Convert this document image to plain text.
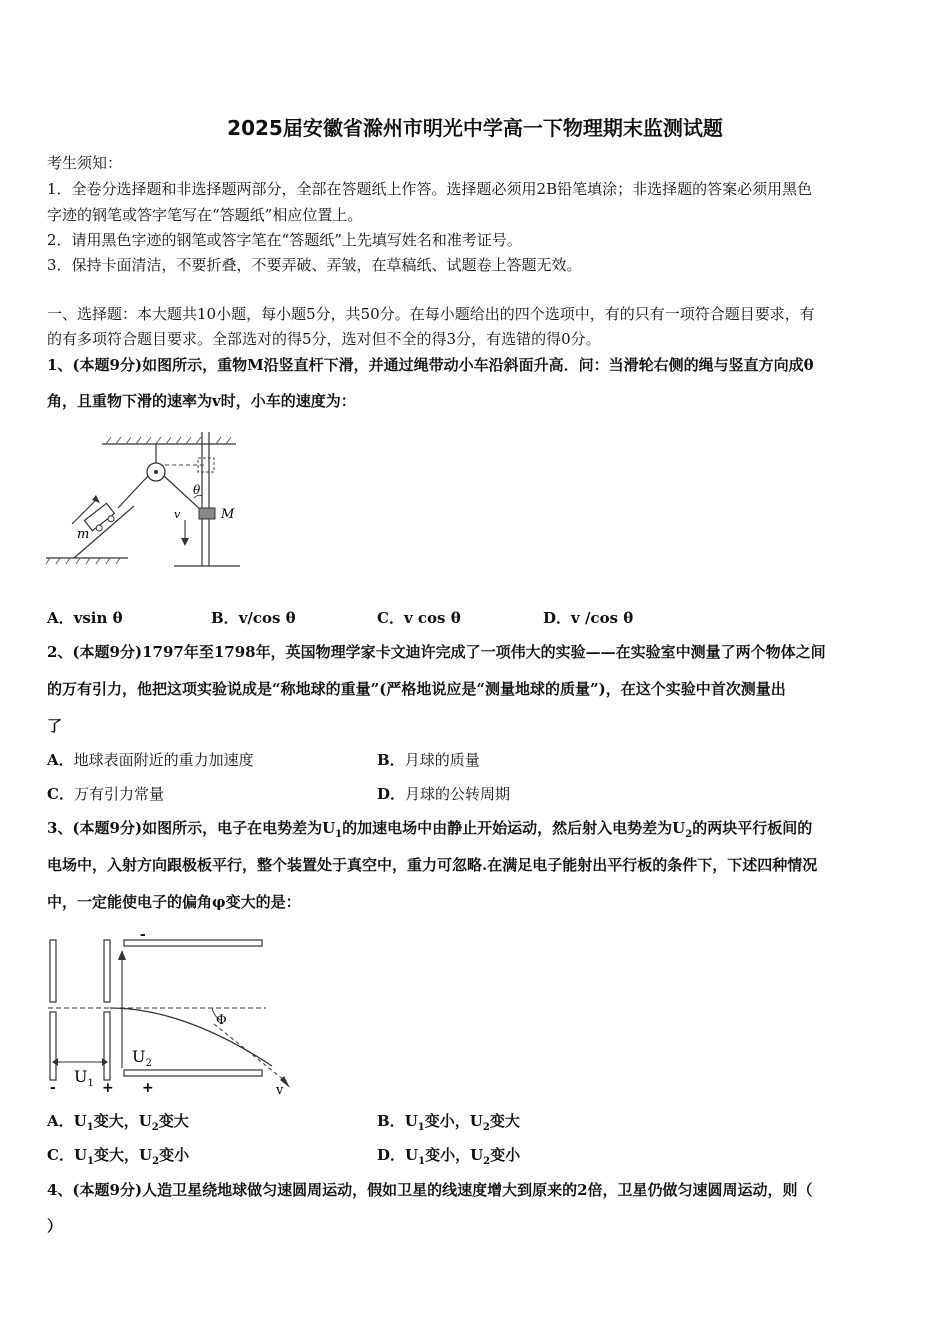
2025届安徽省滁州市明光中学高一下物理期末监测试题
考生须知：
1．全卷分选择题和非选择题两部分，全部在答题纸上作答。选择题必须用2B铅笔填涂；非选择题的答案必须用黑色
字迹的钢笔或答字笔写在“答题纸”相应位置上。
2．请用黑色字迹的钢笔或答字笔在“答题纸”上先填写姓名和准考证号。
3．保持卡面清洁，不要折叠，不要弄破、弄皱，在草稿纸、试题卷上答题无效。
一、选择题：本大题共10小题，每小题5分，共50分。在每小题给出的四个选项中，有的只有一项符合题目要求，有
的有多项符合题目要求。全部选对的得5分，选对但不全的得3分，有选错的得0分。
1、(本题9分)如图所示，重物M沿竖直杆下滑，并通过绳带动小车沿斜面升高．问：当滑轮右侧的绳与竖直方向成θ
角，且重物下滑的速率为v时，小车的速度为：
θ
M
v
m
A．vsin θ	B．v/cos θ	C．v cos θ	D．v /cos θ
2、(本题9分)1797年至1798年，英国物理学家卡文迪许完成了一项伟大的实验——在实验室中测量了两个物体之间
的万有引力，他把这项实验说成是“称地球的重量”(严格地说应是“测量地球的质量”)，在这个实验中首次测量出
了
A．地球表面附近的重力加速度	B．月球的质量
C．万有引力常量	D．月球的公转周期
3、(本题9分)如图所示，电子在电势差为$U_1$的加速电场中由静止开始运动，然后射入电势差为$U_2$的两块平行板间的
电场中，入射方向跟极板平行，整个装置处于真空中，重力可忽略.在满足电子能射出平行板的条件下，下述四种情况
中，一定能使电子的偏角φ变大的是：
Φ
$U_2$
$U_1$
-	+
-
+	v
A．$U_1$变大，$U_2$变大	B．$U_1$变小，$U_2$变大
C．$U_1$变大，$U_2$变小	D．$U_1$变小，$U_2$变小
4、(本题9分)人造卫星绕地球做匀速圆周运动，假如卫星的线速度增大到原来的2倍，卫星仍做匀速圆周运动，则（
）
